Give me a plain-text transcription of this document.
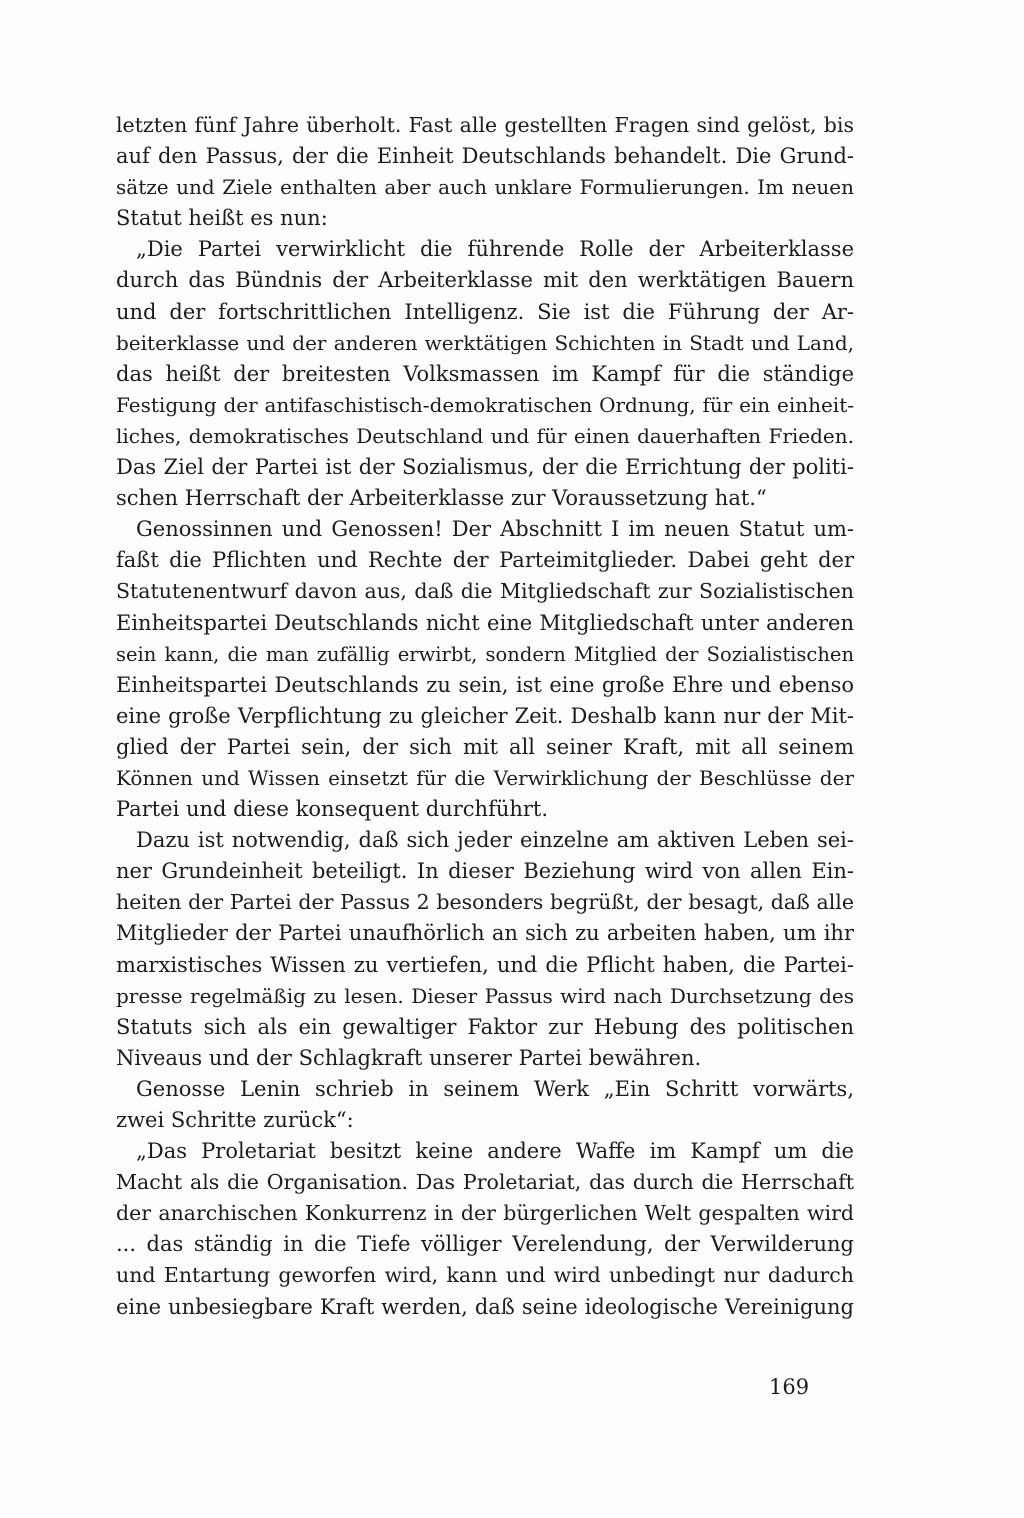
letzten fünf Jahre überholt. Fast alle gestellten Fragen sind gelöst, bis
auf den Passus, der die Einheit Deutschlands behandelt. Die Grund-
sätze und Ziele enthalten aber auch unklare Formulierungen. Im neuen
Statut heißt es nun:
„Die Partei verwirklicht die führende Rolle der Arbeiterklasse
durch das Bündnis der Arbeiterklasse mit den werktätigen Bauern
und der fortschrittlichen Intelligenz. Sie ist die Führung der Ar-
beiterklasse und der anderen werktätigen Schichten in Stadt und Land,
das heißt der breitesten Volksmassen im Kampf für die ständige
Festigung der antifaschistisch-demokratischen Ordnung, für ein einheit-
liches, demokratisches Deutschland und für einen dauerhaften Frieden.
Das Ziel der Partei ist der Sozialismus, der die Errichtung der politi-
schen Herrschaft der Arbeiterklasse zur Voraussetzung hat.“
Genossinnen und Genossen! Der Abschnitt I im neuen Statut um-
faßt die Pflichten und Rechte der Parteimitglieder. Dabei geht der
Statutenentwurf davon aus, daß die Mitgliedschaft zur Sozialistischen
Einheitspartei Deutschlands nicht eine Mitgliedschaft unter anderen
sein kann, die man zufällig erwirbt, sondern Mitglied der Sozialistischen
Einheitspartei Deutschlands zu sein, ist eine große Ehre und ebenso
eine große Verpflichtung zu gleicher Zeit. Deshalb kann nur der Mit-
glied der Partei sein, der sich mit all seiner Kraft, mit all seinem
Können und Wissen einsetzt für die Verwirklichung der Beschlüsse der
Partei und diese konsequent durchführt.
Dazu ist notwendig, daß sich jeder einzelne am aktiven Leben sei-
ner Grundeinheit beteiligt. In dieser Beziehung wird von allen Ein-
heiten der Partei der Passus 2 besonders begrüßt, der besagt, daß alle
Mitglieder der Partei unaufhörlich an sich zu arbeiten haben, um ihr
marxistisches Wissen zu vertiefen, und die Pflicht haben, die Partei-
presse regelmäßig zu lesen. Dieser Passus wird nach Durchsetzung des
Statuts sich als ein gewaltiger Faktor zur Hebung des politischen
Niveaus und der Schlagkraft unserer Partei bewähren.
Genosse Lenin schrieb in seinem Werk „Ein Schritt vorwärts,
zwei Schritte zurück“:
„Das Proletariat besitzt keine andere Waffe im Kampf um die
Macht als die Organisation. Das Proletariat, das durch die Herrschaft
der anarchischen Konkurrenz in der bürgerlichen Welt gespalten wird
... das ständig in die Tiefe völliger Verelendung, der Verwilderung
und Entartung geworfen wird, kann und wird unbedingt nur dadurch
eine unbesiegbare Kraft werden, daß seine ideologische Vereinigung
169
